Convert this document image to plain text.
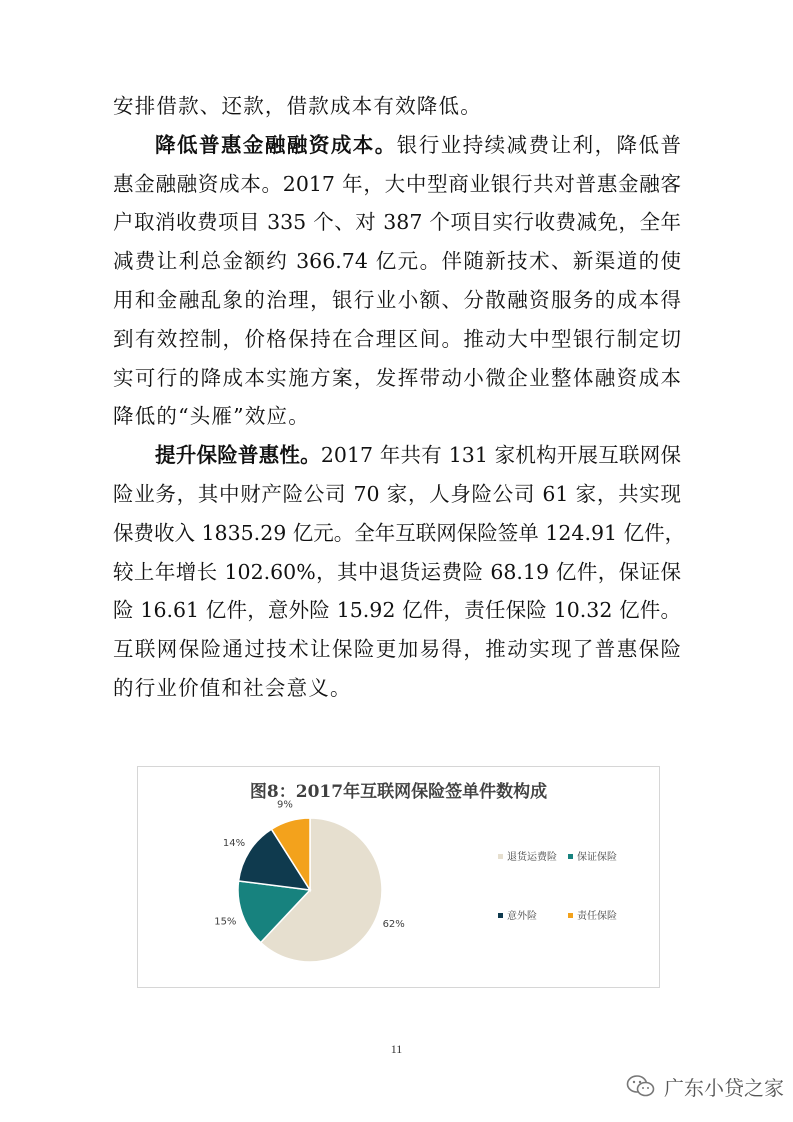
安排借款、还款，借款成本有效降低。
降低普惠金融融资成本。银行业持续减费让利，降低普
惠金融融资成本。2017 年，大中型商业银行共对普惠金融客
户取消收费项目 335 个、对 387 个项目实行收费减免，全年
减费让利总金额约 366.74 亿元。伴随新技术、新渠道的使
用和金融乱象的治理，银行业小额、分散融资服务的成本得
到有效控制，价格保持在合理区间。推动大中型银行制定切
实可行的降成本实施方案，发挥带动小微企业整体融资成本
降低的“头雁”效应。
提升保险普惠性。2017 年共有 131 家机构开展互联网保
险业务，其中财产险公司 70 家，人身险公司 61 家，共实现
保费收入 1835.29 亿元。全年互联网保险签单 124.91 亿件，
较上年增长 102.60%，其中退货运费险 68.19 亿件，保证保
险 16.61 亿件，意外险 15.92 亿件，责任保险 10.32 亿件。
互联网保险通过技术让保险更加易得，推动实现了普惠保险
的行业价值和社会意义。
图8：2017年互联网保险签单件数构成
62%
15%
14%
9%
退货运费险 保证保险
意外险	责任保险
11
广东小贷之家
